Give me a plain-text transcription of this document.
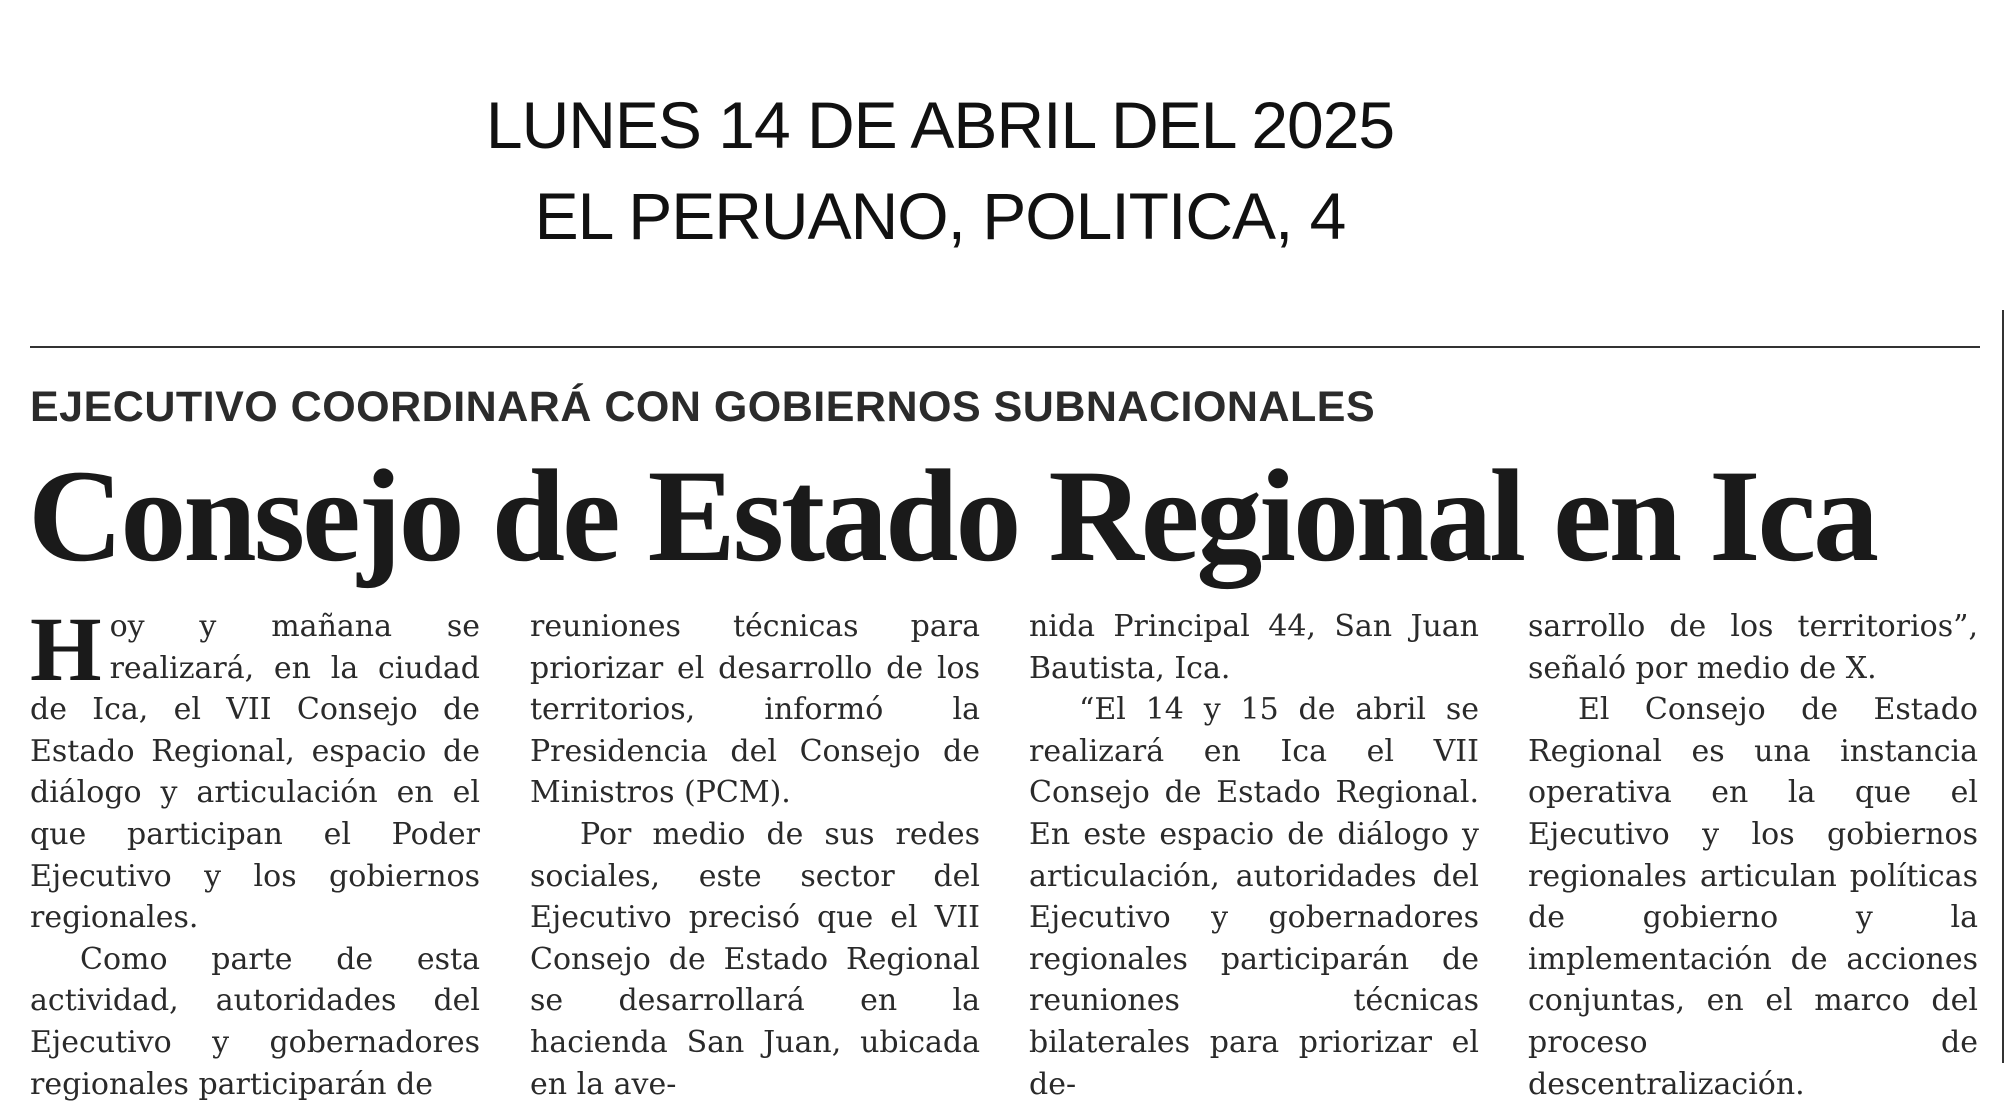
LUNES 14 DE ABRIL DEL 2025
EL PERUANO, POLITICA, 4
EJECUTIVO COORDINARÁ CON GOBIERNOS SUBNACIONALES
Consejo de Estado Regional en Ica

Hoy y mañana se realizará, en la ciudad de Ica, el VII Consejo de Estado Regional, espacio de diálogo y articulación en el que participan el Poder Ejecutivo y los gobiernos regionales.

Como parte de esta actividad, autoridades del Ejecutivo y gobernadores regionales participarán de

reuniones técnicas para priorizar el desarrollo de los territorios, informó la Presidencia del Consejo de Ministros (PCM).

Por medio de sus redes sociales, este sector del Ejecutivo precisó que el VII Consejo de Estado Regional se desarrollará en la hacienda San Juan, ubicada en la ave-

nida Principal 44, San Juan Bautista, Ica.

“El 14 y 15 de abril se realizará en Ica el VII Consejo de Estado Regional. En este espacio de diálogo y articulación, autoridades del Ejecutivo y gobernadores regionales participarán de reuniones técnicas bilaterales para priorizar el de-

sarrollo de los territorios”, señaló por medio de X.

El Consejo de Estado Regional es una instancia operativa en la que el Ejecutivo y los gobiernos regionales articulan políticas de gobierno y la implementación de acciones conjuntas, en el marco del proceso de descentralización.
